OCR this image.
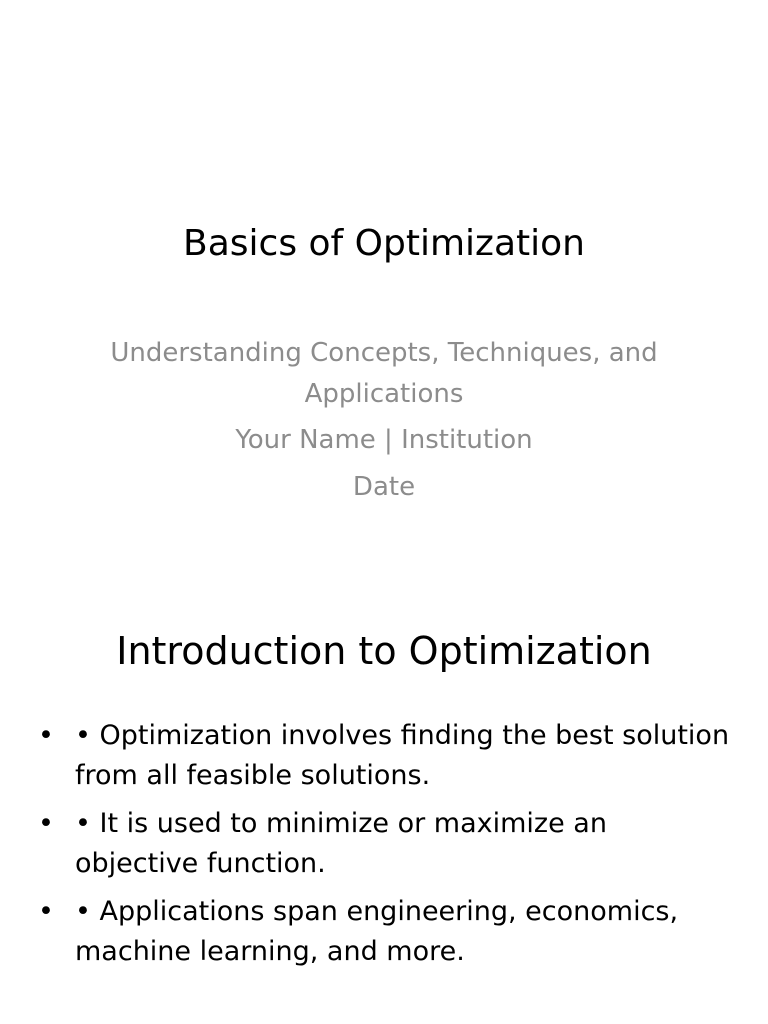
Basics of Optimization
Understanding Concepts, Techniques, and Applications
Your Name | Institution
Date
Introduction to Optimization
• • Optimization involves finding the best solution from all feasible solutions.
• • It is used to minimize or maximize an objective function.
• • Applications span engineering, economics, machine learning, and more.
